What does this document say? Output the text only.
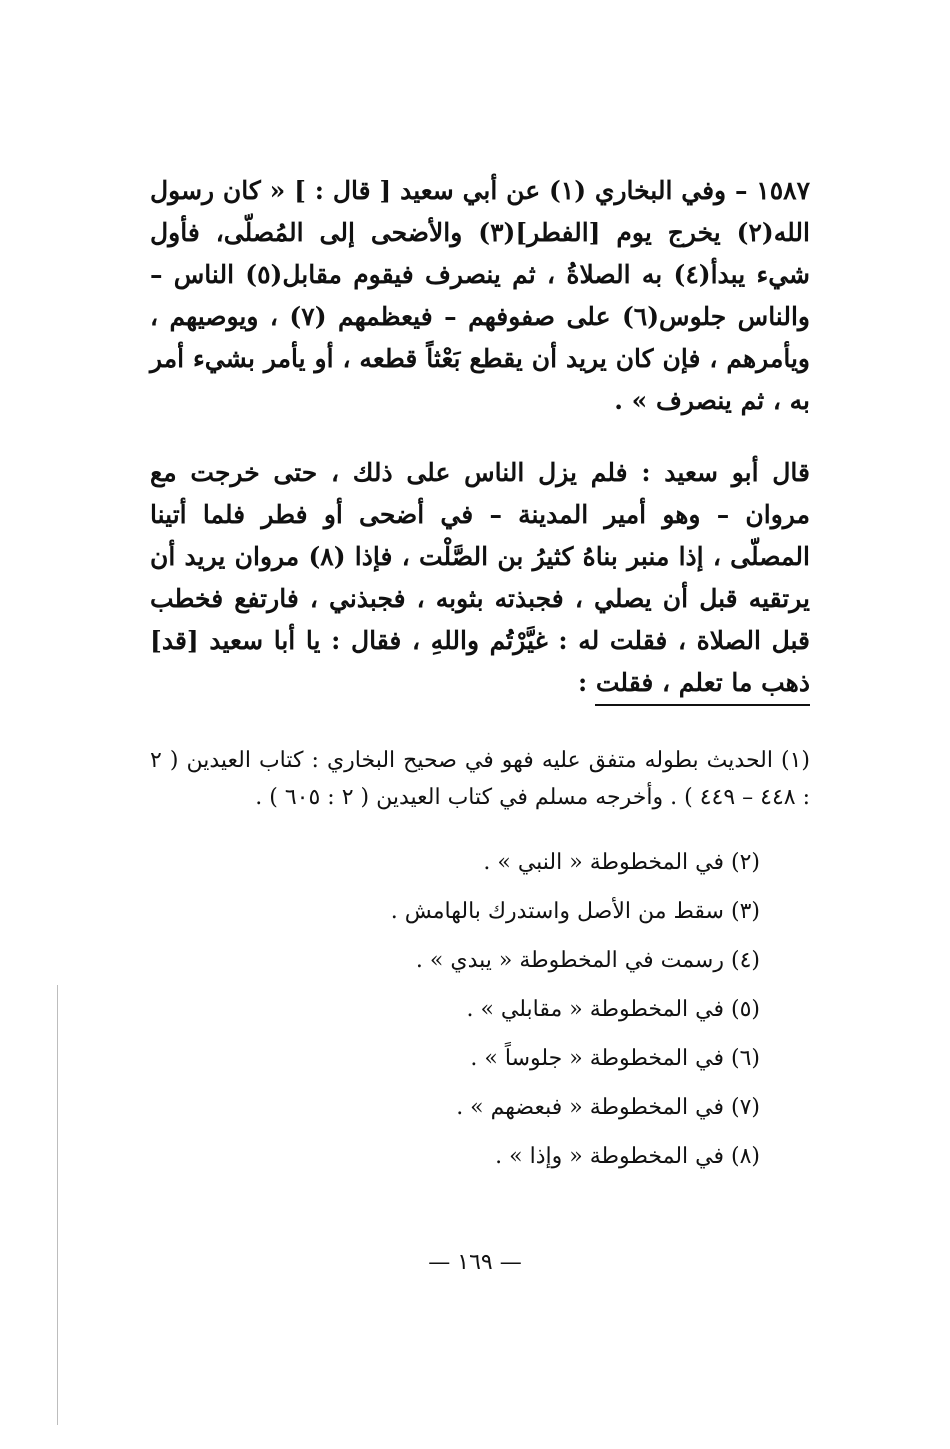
١٥٨٧ – وفي البخاري (١) عن أبي سعيد [ قال : ] « كان رسول الله(٢) يخرج يوم [الفطر](٣) والأضحى إلى المُصلّى، فأول شيء يبدأ(٤) به الصلاةُ ، ثم ينصرف فيقوم مقابل(٥) الناس – والناس جلوس(٦) على صفوفهم – فيعظمهم (٧) ، ويوصيهم ، ويأمرهم ، فإن كان يريد أن يقطع بَعْثاً قطعه ، أو يأمر بشيء أمر به ، ثم ينصرف » .

قال أبو سعيد : فلم يزل الناس على ذلك ، حتى خرجت مع مروان – وهو أمير المدينة – في أضحى أو فطر فلما أتينا المصلّى ، إذا منبر بناهُ كثيرُ بن الصَّلْت ، فإذا (٨) مروان يريد أن يرتقيه قبل أن يصلي ، فجبذته بثوبه ، فجبذني ، فارتفع فخطب قبل الصلاة ، فقلت له : غيَّرْتُم واللهِ ، فقال : يا أبا سعيد [قد] ذهب ما تعلم ، فقلت :

(١) الحديث بطوله متفق عليه فهو في صحيح البخاري : كتاب العيدين ( ٢ : ٤٤٨ – ٤٤٩ ) . وأخرجه مسلم في كتاب العيدين ( ٢ : ٦٠٥ ) .

(٢) في المخطوطة « النبي » .
(٣) سقط من الأصل واستدرك بالهامش .
(٤) رسمت في المخطوطة « يبدي » .
(٥) في المخطوطة « مقابلي » .
(٦) في المخطوطة « جلوساً » .
(٧) في المخطوطة « فبعضهم » .
(٨) في المخطوطة « وإذا » .
— ١٦٩ —
